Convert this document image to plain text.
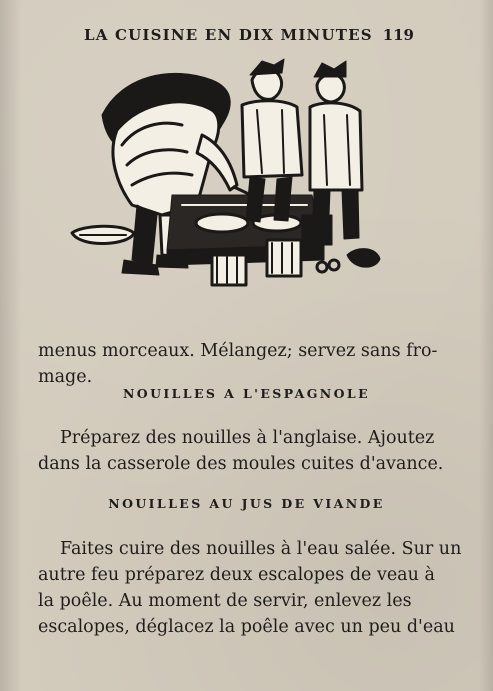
LA CUISINE EN DIX MINUTES 119
menus morceaux. Mélangez; servez sans fro-
mage.
NOUILLES A L'ESPAGNOLE
Préparez des nouilles à l'anglaise. Ajoutez
dans la casserole des moules cuites d'avance.
NOUILLES AU JUS DE VIANDE
Faites cuire des nouilles à l'eau salée. Sur un
autre feu préparez deux escalopes de veau à
la poêle. Au moment de servir, enlevez les
escalopes, déglacez la poêle avec un peu d'eau
